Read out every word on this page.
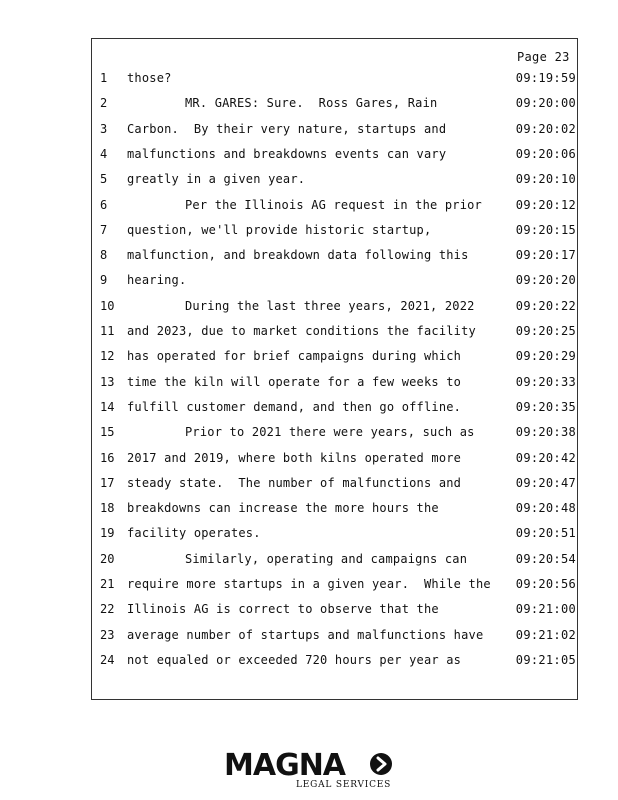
Page 23
1	those?	09:19:59
2	MR. GARES: Sure.  Ross Gares, Rain	09:20:00
3	Carbon.  By their very nature, startups and	09:20:02
4	malfunctions and breakdowns events can vary	09:20:06
5	greatly in a given year.	09:20:10
6	Per the Illinois AG request in the prior	09:20:12
7	question, we'll provide historic startup,	09:20:15
8	malfunction, and breakdown data following this	09:20:17
9	hearing.	09:20:20
10	During the last three years, 2021, 2022	09:20:22
11 and 2023, due to market conditions the facility	09:20:25
12 has operated for brief campaigns during which	09:20:29
13 time the kiln will operate for a few weeks to	09:20:33
14 fulfill customer demand, and then go offline.	09:20:35
15	Prior to 2021 there were years, such as	09:20:38
16 2017 and 2019, where both kilns operated more	09:20:42
17 steady state.  The number of malfunctions and	09:20:47
18 breakdowns can increase the more hours the	09:20:48
19 facility operates.	09:20:51
20	Similarly, operating and campaigns can	09:20:54
21 require more startups in a given year.  While the 09:20:56
22 Illinois AG is correct to observe that the	09:21:00
23 average number of startups and malfunctions have	09:21:02
24 not equaled or exceeded 720 hours per year as	09:21:05
MAGNA
LEGAL SERVICES
